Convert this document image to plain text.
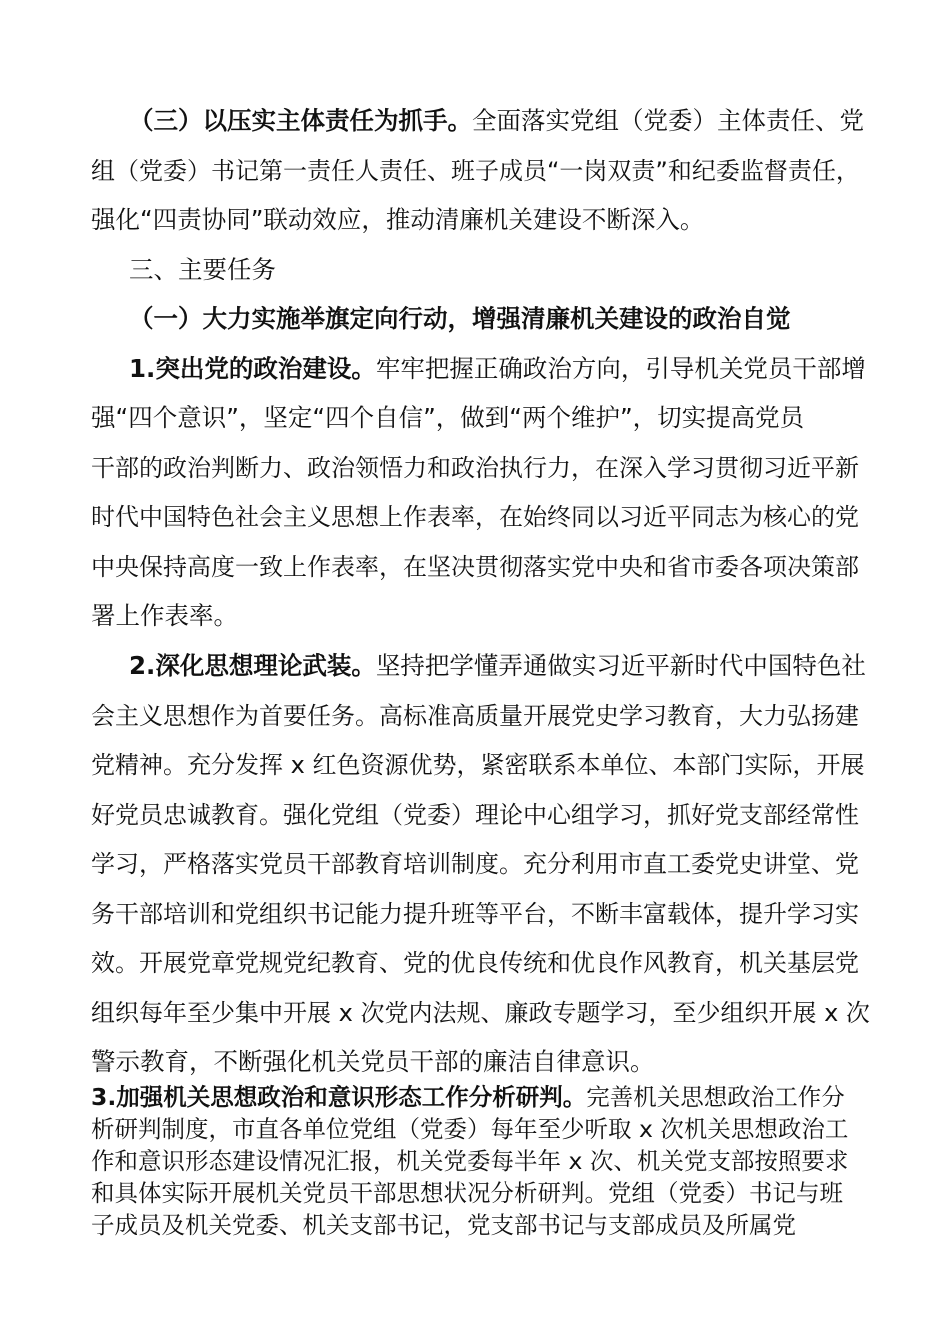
（三）以压实主体责任为抓手。全面落实党组（党委）主体责任、党

组（党委）书记第一责任人责任、班子成员“一岗双责”和纪委监督责任，

强化“四责协同”联动效应，推动清廉机关建设不断深入。

三、主要任务

（一）大力实施举旗定向行动，增强清廉机关建设的政治自觉

1.突出党的政治建设。牢牢把握正确政治方向，引导机关党员干部增

强“四个意识”，坚定“四个自信”，做到“两个维护”，切实提高党员

干部的政治判断力、政治领悟力和政治执行力，在深入学习贯彻习近平新

时代中国特色社会主义思想上作表率，在始终同以习近平同志为核心的党

中央保持高度一致上作表率，在坚决贯彻落实党中央和省市委各项决策部

署上作表率。

2.深化思想理论武装。坚持把学懂弄通做实习近平新时代中国特色社

会主义思想作为首要任务。高标准高质量开展党史学习教育，大力弘扬建

党精神。充分发挥 x 红色资源优势，紧密联系本单位、本部门实际，开展

好党员忠诚教育。强化党组（党委）理论中心组学习，抓好党支部经常性

学习，严格落实党员干部教育培训制度。充分利用市直工委党史讲堂、党

务干部培训和党组织书记能力提升班等平台，不断丰富载体，提升学习实

效。开展党章党规党纪教育、党的优良传统和优良作风教育，机关基层党

组织每年至少集中开展 x 次党内法规、廉政专题学习，至少组织开展 x 次

警示教育，不断强化机关党员干部的廉洁自律意识。

3.加强机关思想政治和意识形态工作分析研判。完善机关思想政治工作分

析研判制度，市直各单位党组（党委）每年至少听取 x 次机关思想政治工

作和意识形态建设情况汇报，机关党委每半年 x 次、机关党支部按照要求

和具体实际开展机关党员干部思想状况分析研判。党组（党委）书记与班

子成员及机关党委、机关支部书记，党支部书记与支部成员及所属党
